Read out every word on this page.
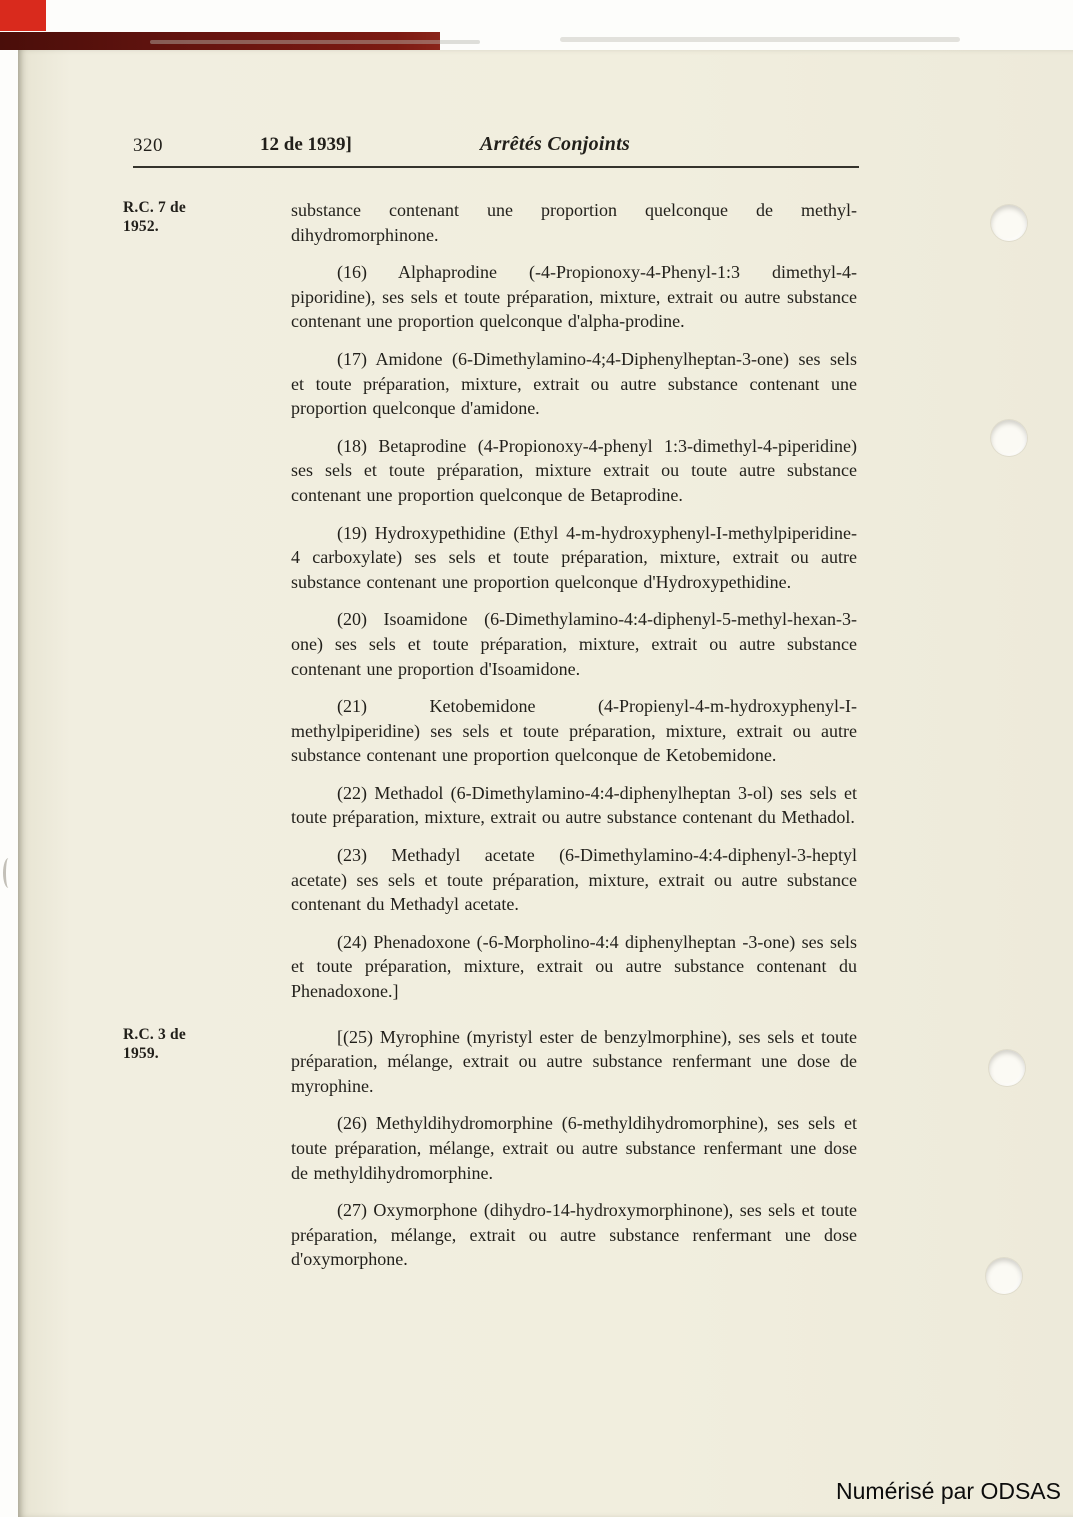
320	12 de 1939]	Arrêtés Conjoints
R.C. 7 de 1952.

substance contenant une proportion quelconque de methyl-dihydromorphinone.

(16) Alphaprodine (-4-Propionoxy-4-Phenyl-1:3 dimethyl-4-piporidine), ses sels et toute préparation, mixture, extrait ou autre substance contenant une proportion quelconque d'alpha-prodine.

(17) Amidone (6-Dimethylamino-4;4-Diphenylheptan-3-one) ses sels et toute préparation, mixture, extrait ou autre substance contenant une proportion quelconque d'amidone.

(18) Betaprodine (4-Propionoxy-4-phenyl 1:3-dimethyl-4-piperidine) ses sels et toute préparation, mixture extrait ou toute autre substance contenant une proportion quelconque de Betaprodine.

(19) Hydroxypethidine (Ethyl 4-m-hydroxyphenyl-I-methylpiperidine-4 carboxylate) ses sels et toute préparation, mixture, extrait ou autre substance contenant une proportion quelconque d'Hydroxypethidine.

(20) Isoamidone (6-Dimethylamino-4:4-diphenyl-5-methyl-hexan-3-one) ses sels et toute préparation, mixture, extrait ou autre substance contenant une proportion d'Isoamidone.

(21) Ketobemidone (4-Propienyl-4-m-hydroxyphenyl-I-methylpiperidine) ses sels et toute préparation, mixture, extrait ou autre substance contenant une proportion quelconque de Ketobemidone.

(22) Methadol (6-Dimethylamino-4:4-diphenylheptan 3-ol) ses sels et toute préparation, mixture, extrait ou autre substance contenant du Methadol.

(23) Methadyl acetate (6-Dimethylamino-4:4-diphenyl-3-heptyl acetate) ses sels et toute préparation, mixture, extrait ou autre substance contenant du Methadyl acetate.

(24) Phenadoxone (-6-Morpholino-4:4 diphenylheptan -3-one) ses sels et toute préparation, mixture, extrait ou autre substance contenant du Phenadoxone.]

R.C. 3 de 1959.

[(25) Myrophine (myristyl ester de benzylmorphine), ses sels et toute préparation, mélange, extrait ou autre substance renfermant une dose de myrophine.

(26) Methyldihydromorphine (6-methyldihydromorphine), ses sels et toute préparation, mélange, extrait ou autre substance renfermant une dose de methyldihydromorphine.

(27) Oxymorphone (dihydro-14-hydroxymorphinone), ses sels et toute préparation, mélange, extrait ou autre substance renfermant une dose d'oxymorphone.

Numérisé par ODSAS
